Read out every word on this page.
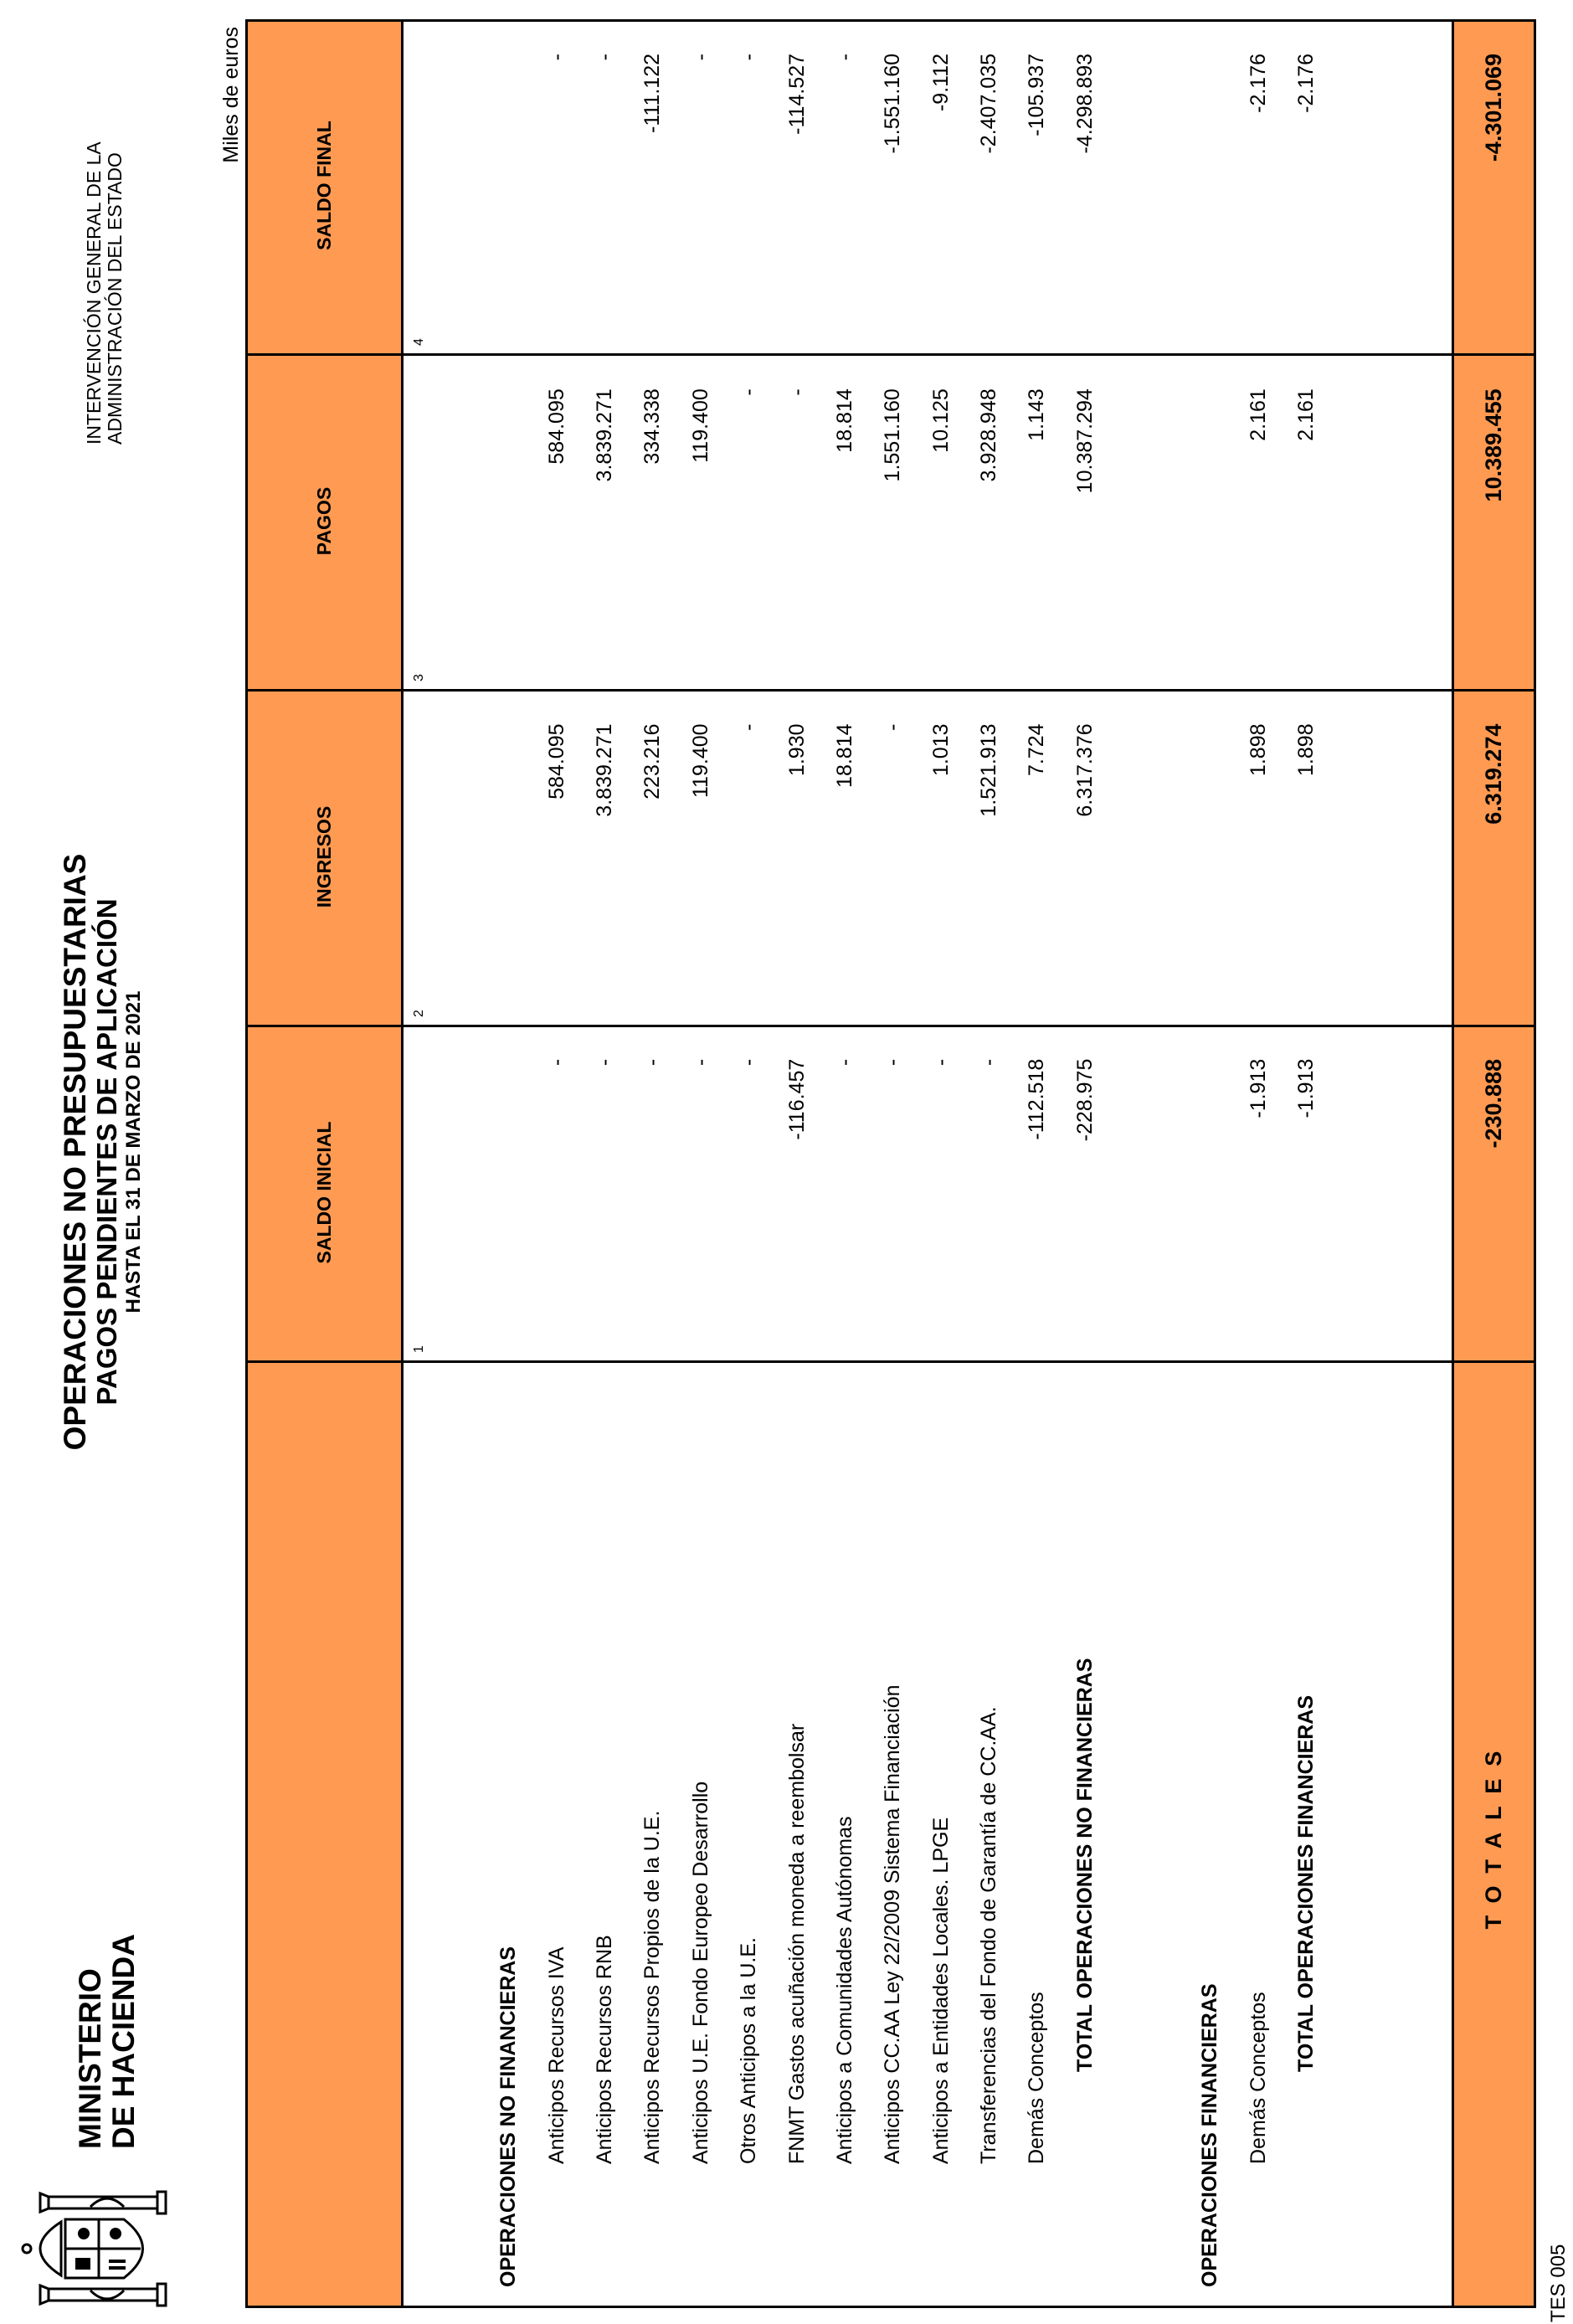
MINISTERIO DE HACIENDA
OPERACIONES NO PRESUPUESTARIAS PAGOS PENDIENTES DE APLICACIÓN HASTA EL 31 DE MARZO DE 2021
INTERVENCIÓN GENERAL DE LA ADMINISTRACIÓN DEL ESTADO
Miles de euros
TES 005
SALDO INICIAL
1
INGRESOS
2
PAGOS
3
SALDO FINAL
4
OPERACIONES NO FINANCIERAS Anticipos Recursos IVA
-
584.095
584.095
-
Anticipos Recursos RNB
-
3.839.271
3.839.271
-
Anticipos Recursos Propios de la U.E.
-
223.216
334.338
-111.122
Anticipos U.E. Fondo Europeo Desarrollo
-
119.400
119.400
-
Otros Anticipos a la U.E.
-
-
-
-
FNMT Gastos acuñación moneda a reembolsar
-116.457
1.930
-
-114.527
Anticipos a Comunidades Autónomas
-
18.814
18.814
-
Anticipos CC.AA Ley 22/2009 Sistema Financiación
-
-
1.551.160
-1.551.160
Anticipos a Entidades Locales. LPGE
-
1.013
10.125
-9.112
Transferencias del Fondo de Garantía de CC.AA.
-
1.521.913
3.928.948
-2.407.035
Demás Conceptos
-112.518
7.724
1.143
-105.937
TOTAL OPERACIONES NO FINANCIERAS
-228.975
6.317.376
10.387.294
-4.298.893
OPERACIONES FINANCIERAS Demás Conceptos
-1.913
1.898
2.161
-2.176
TOTAL OPERACIONES FINANCIERAS
-1.913
1.898
2.161
-2.176
TOTALES
-230.888
6.319.274
10.389.455
-4.301.069
